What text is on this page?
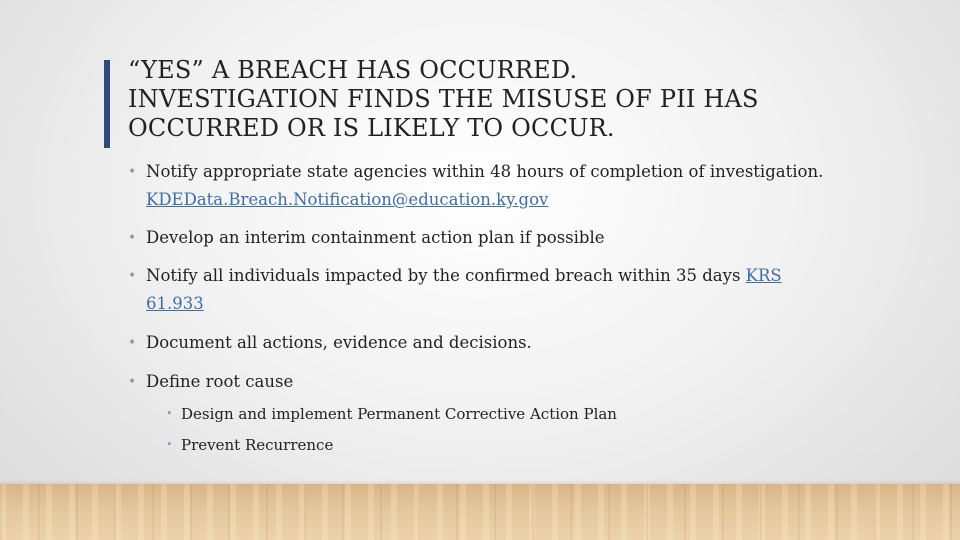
“YES” A BREACH HAS OCCURRED.
INVESTIGATION FINDS THE MISUSE OF PII HAS
OCCURRED OR IS LIKELY TO OCCUR.
• Notify appropriate state agencies within 48 hours of completion of investigation.
KDEData.Breach.Notification@education.ky.gov
• Develop an interim containment action plan if possible
• Notify all individuals impacted by the confirmed breach within 35 days KRS
61.933
• Document all actions, evidence and decisions.
• Define root cause
• Design and implement Permanent Corrective Action Plan
• Prevent Recurrence
